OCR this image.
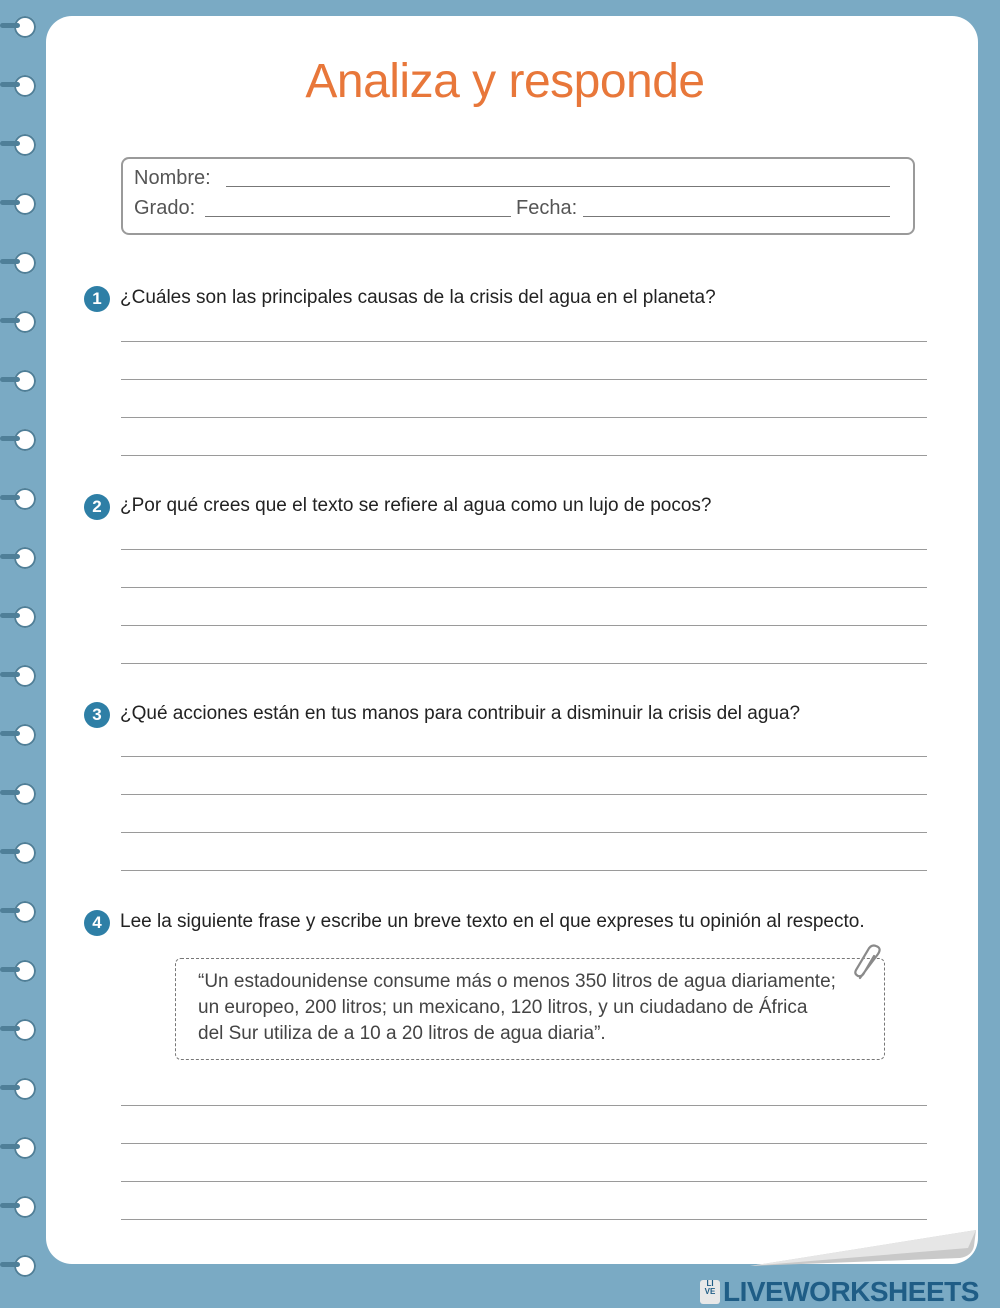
Analiza y responde
Nombre:
Grado:	Fecha:
1 ¿Cuáles son las principales causas de la crisis del agua en el planeta?
2 ¿Por qué crees que el texto se refiere al agua como un lujo de pocos?
3 ¿Qué acciones están en tus manos para contribuir a disminuir la crisis del agua?
4 Lee la siguiente frase y escribe un breve texto en el que expreses tu opinión al respecto.
“Un estadounidense consume más o menos 350 litros de agua diariamente;
un europeo, 200 litros; un mexicano, 120 litros, y un ciudadano de África
del Sur utiliza de a 10 a 20 litros de agua diaria”.
LI
VE LIVEWORKSHEETS
